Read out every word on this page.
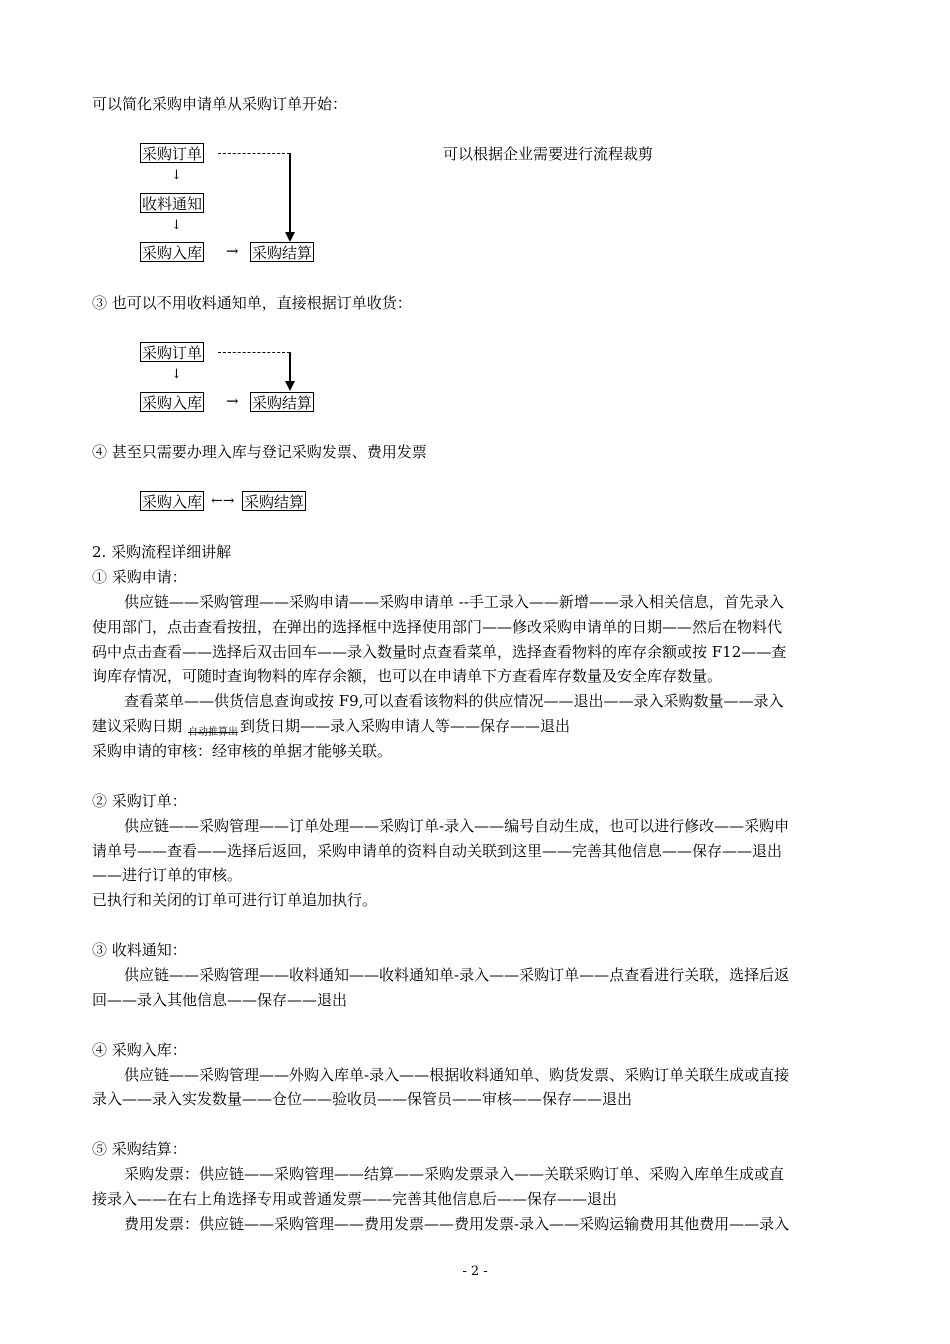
可以简化采购申请单从采购订单开始：
采购订单
↓
收料通知
↓
采购入库 → 采购结算
可以根据企业需要进行流程裁剪
③ 也可以不用收料通知单，直接根据订单收货：
采购订单
↓
采购入库 → 采购结算
④ 甚至只需要办理入库与登记采购发票、费用发票
采购入库 ←→ 采购结算
2. 采购流程详细讲解
① 采购申请：
供应链——采购管理——采购申请——采购申请单 --手工录入——新增——录入相关信息，首先录入
使用部门，点击查看按扭，在弹出的选择框中选择使用部门——修改采购申请单的日期——然后在物料代
码中点击查看——选择后双击回车——录入数量时点查看菜单，选择查看物料的库存余额或按 F12——查
询库存情况，可随时查询物料的库存余额，也可以在申请单下方查看库存数量及安全库存数量。
查看菜单——供货信息查询或按 F9,可以查看该物料的供应情况——退出——录入采购数量——录入
建议采购日期 $_{自动推算出}$ 到货日期——录入采购申请人等——保存——退出
采购申请的审核：经审核的单据才能够关联。
② 采购订单：
供应链——采购管理——订单处理——采购订单-录入——编号自动生成，也可以进行修改——采购申
请单号——查看——选择后返回，采购申请单的资料自动关联到这里——完善其他信息——保存——退出
——进行订单的审核。
已执行和关闭的订单可进行订单追加执行。
③ 收料通知：
供应链——采购管理——收料通知——收料通知单-录入——采购订单——点查看进行关联，选择后返
回——录入其他信息——保存——退出
④ 采购入库：
供应链——采购管理——外购入库单-录入——根据收料通知单、购货发票、采购订单关联生成或直接
录入——录入实发数量——仓位——验收员——保管员——审核——保存——退出
⑤ 采购结算：
采购发票：供应链——采购管理——结算——采购发票录入——关联采购订单、采购入库单生成或直
接录入——在右上角选择专用或普通发票——完善其他信息后——保存——退出
费用发票：供应链——采购管理——费用发票——费用发票-录入——采购运输费用其他费用——录入
- 2 -
